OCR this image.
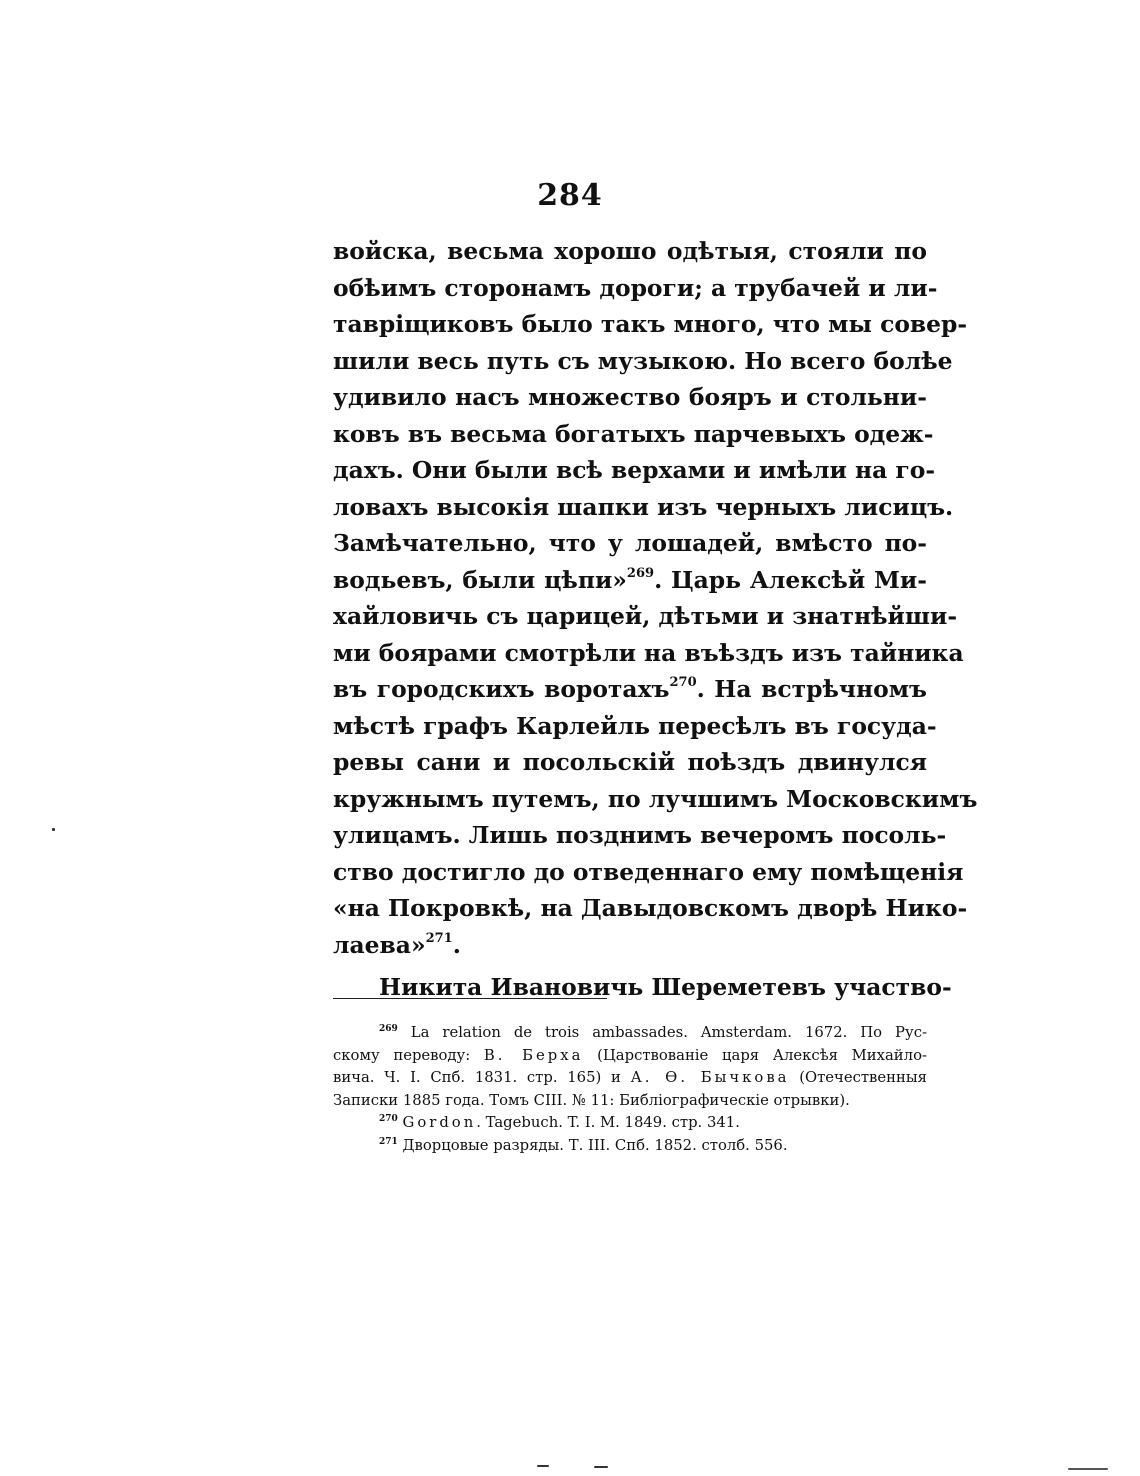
284
войска, весьма хорошо одѣтыя, стояли по
обѣимъ сторонамъ дороги; а трубачей и ли-
тавріщиковъ было такъ много, что мы совер-
шили весь путь съ музыкою. Но всего болѣе
удивило насъ множество бояръ и стольни-
ковъ въ весьма богатыхъ парчевыхъ одеж-
дахъ. Они были всѣ верхами и имѣли на го-
ловахъ высокія шапки изъ черныхъ лисицъ.
Замѣчательно, что у лошадей, вмѣсто по-
водьевъ, были цѣпи»$^{269}$. Царь Алексѣй Ми-
хайловичь съ царицей, дѣтьми и знатнѣйши-
ми боярами смотрѣли на въѣздъ изъ тайника
въ городскихъ воротахъ$^{270}$. На встрѣчномъ
мѣстѣ графъ Карлейль пересѣлъ въ госуда-
ревы сани и посольскій поѣздъ двинулся
кружнымъ путемъ, по лучшимъ Московскимъ
улицамъ. Лишь позднимъ вечеромъ посоль-
ство достигло до отведеннаго ему помѣщенія
«на Покровкѣ, на Давыдовскомъ дворѣ Нико-
лаева»$^{271}$.
Никита Ивановичь Шереметевъ участво-
$^{269}$ La relation de trois ambassades. Amsterdam. 1672. По Рус-
скому переводу: В. Берха (Царствованіе царя Алексѣя Михайло-
вича. Ч. І. Спб. 1831. стр. 165) и А. Ѳ. Бычкова (Отечественныя
Записки 1885 года. Томъ СІІІ. № 11: Библіографическіе отрывки).
$^{270}$ Gordon. Tagebuch. T. I. M. 1849. стр. 341.
$^{271}$ Дворцовые разряды. Т. ІІІ. Спб. 1852. столб. 556.
